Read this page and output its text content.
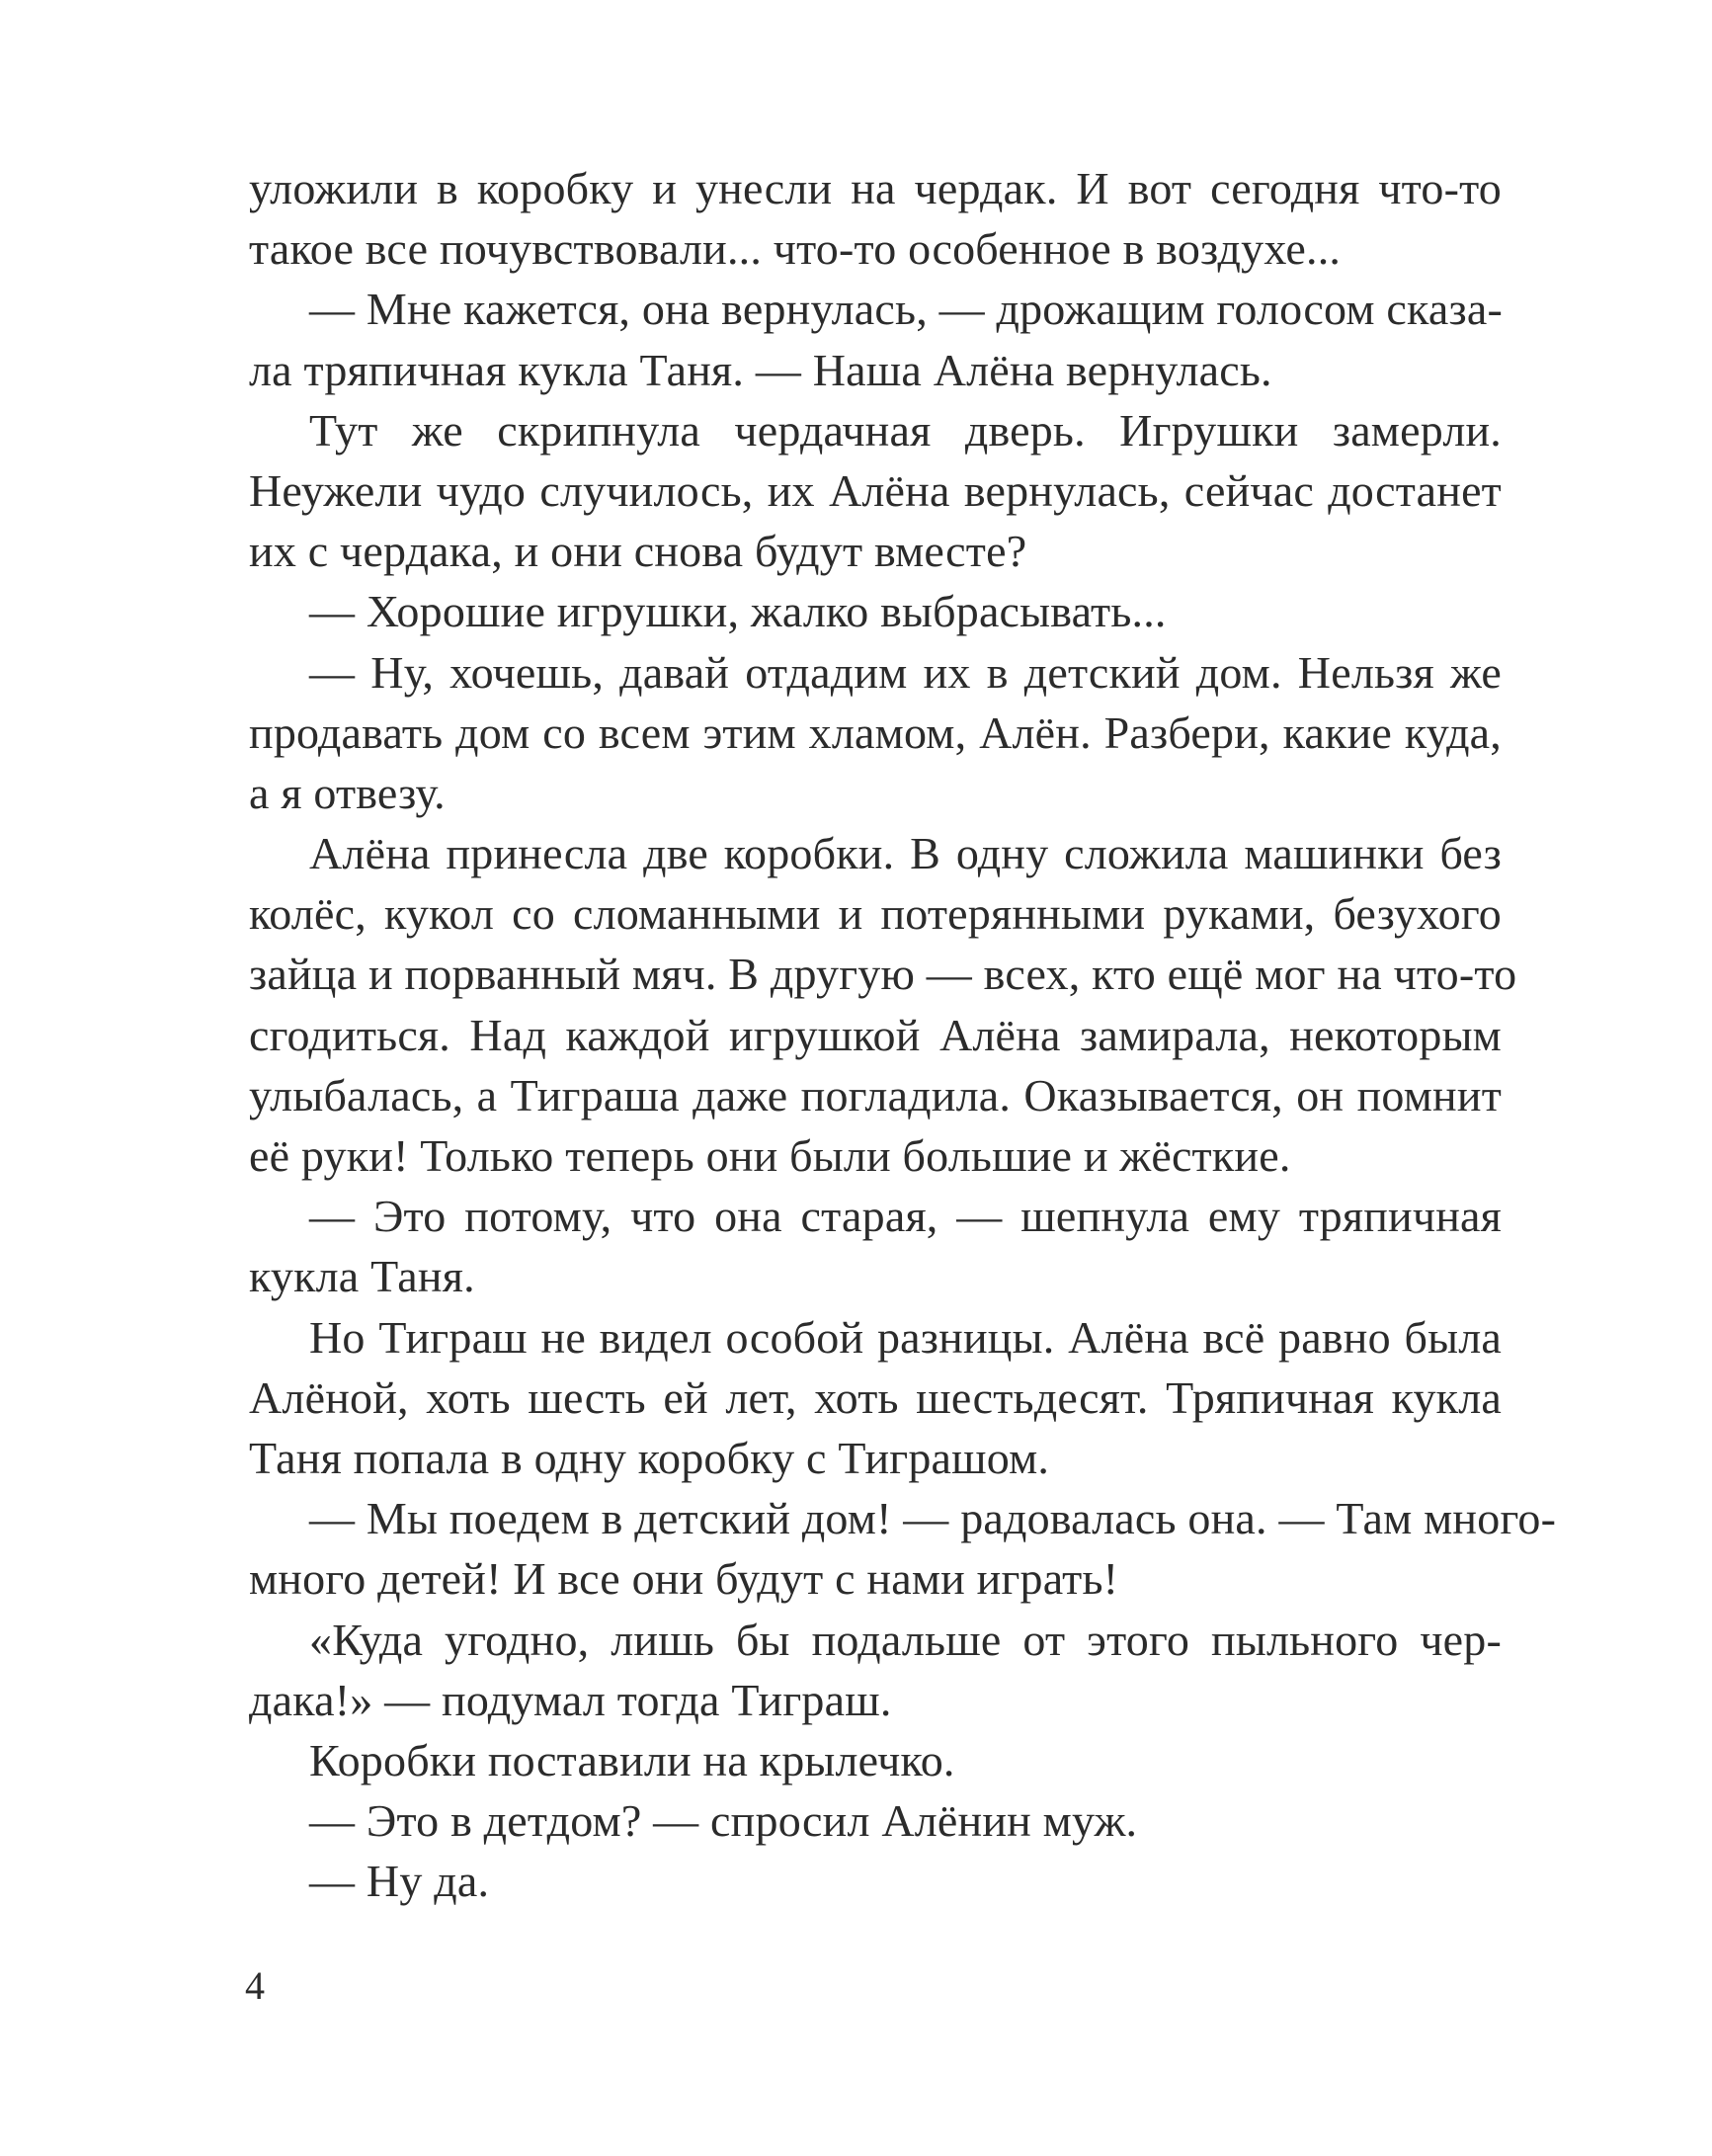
уложили в коробку и унесли на чердак. И вот сегодня что-то
такое все почувствовали... что-то особенное в воздухе...
— Мне кажется, она вернулась, — дрожащим голосом сказа-
ла тряпичная кукла Таня. — Наша Алёна вернулась.
Тут же скрипнула чердачная дверь. Игрушки замерли.
Неужели чудо случилось, их Алёна вернулась, сейчас достанет
их с чердака, и они снова будут вместе?
— Хорошие игрушки, жалко выбрасывать...
— Ну, хочешь, давай отдадим их в детский дом. Нельзя же
продавать дом со всем этим хламом, Алён. Разбери, какие куда,
а я отвезу.
Алёна принесла две коробки. В одну сложила машинки без
колёс, кукол со сломанными и потерянными руками, безухого
зайца и порванный мяч. В другую — всех, кто ещё мог на что-то
сгодиться. Над каждой игрушкой Алёна замирала, некоторым
улыбалась, а Тиграша даже погладила. Оказывается, он помнит
её руки! Только теперь они были большие и жёсткие.
— Это потому, что она старая, — шепнула ему тряпичная
кукла Таня.
Но Тиграш не видел особой разницы. Алёна всё равно была
Алёной, хоть шесть ей лет, хоть шестьдесят. Тряпичная кукла
Таня попала в одну коробку с Тиграшом.
— Мы поедем в детский дом! — радовалась она. — Там много-
много детей! И все они будут с нами играть!
«Куда угодно, лишь бы подальше от этого пыльного чер-
дака!» — подумал тогда Тиграш.
Коробки поставили на крылечко.
— Это в детдом? — спросил Алёнин муж.
— Ну да.
4
